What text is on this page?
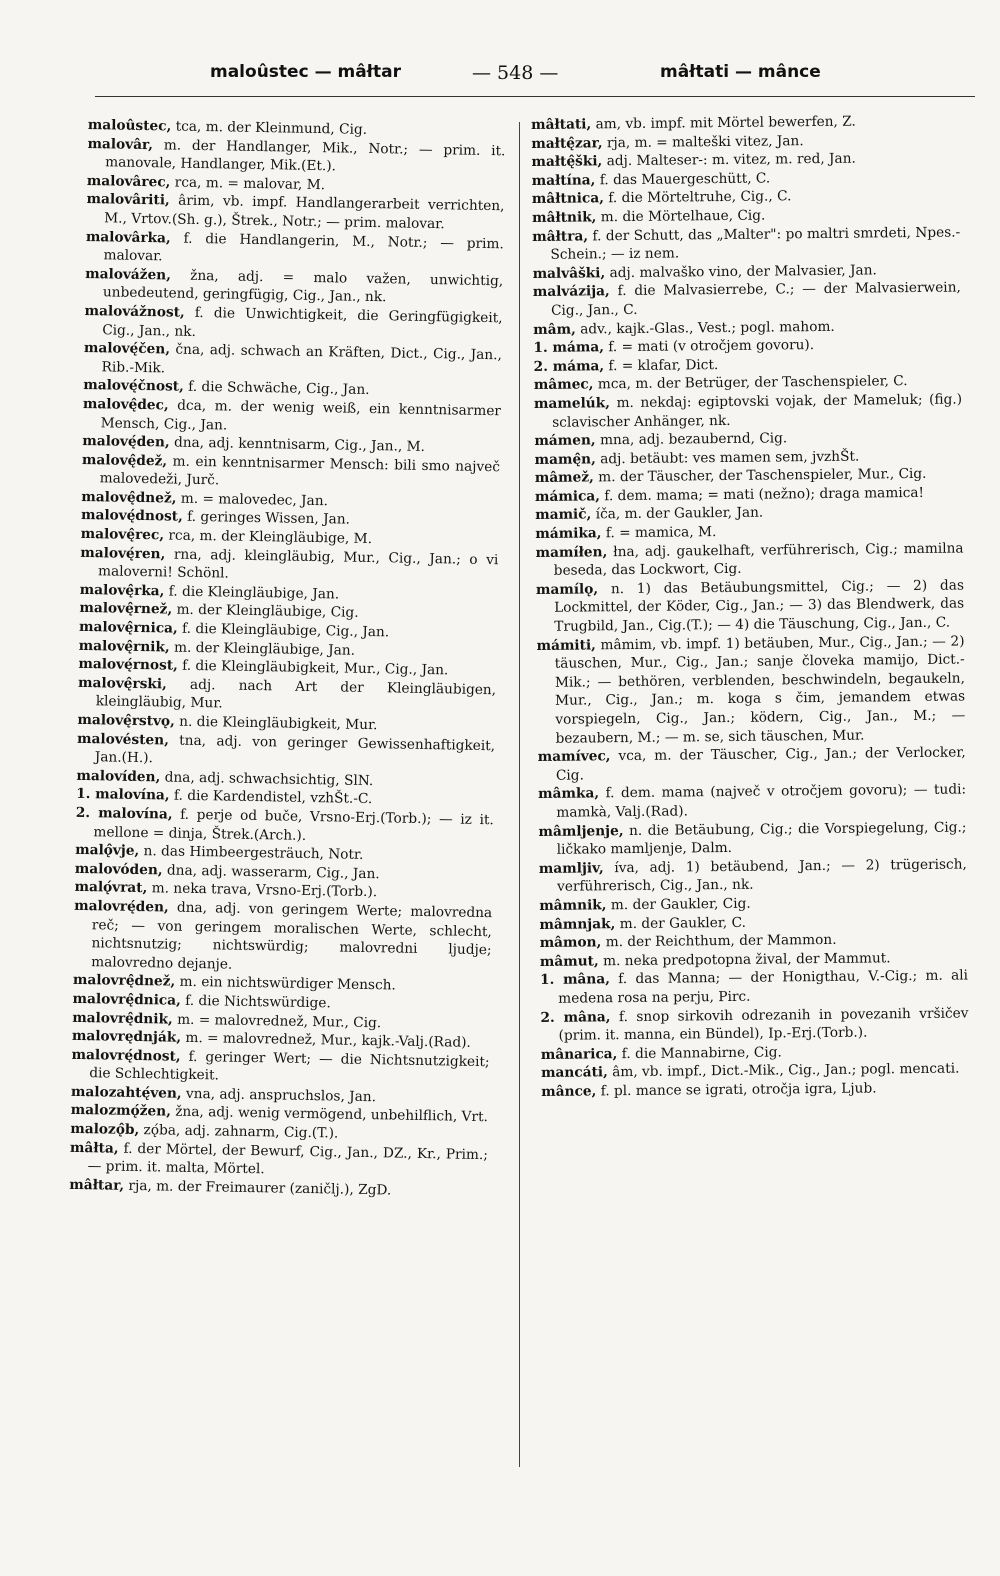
maloûstec — mâłtar	— 548 —	mâłtati — mânce

maloûstec, tca, m. der Kleinmund, Cig.

malovâr, m. der Handlanger, Mik., Notr.; — prim. it. manovale, Handlanger, Mik.(Et.).

malovârec, rca, m. = malovar, M.

malovâriti, ârim, vb. impf. Handlangerarbeit verrichten, M., Vrtov.(Sh. g.), Štrek., Notr.; — prim. malovar.

malovârka, f. die Handlangerin, M., Notr.; — prim. malovar.

malovážen, žna, adj. = malo važen, unwichtig, unbedeutend, geringfügig, Cig., Jan., nk.

malovážnost, f. die Unwichtigkeit, die Geringfügigkeit, Cig., Jan., nk.

malovę́čen, čna, adj. schwach an Kräften, Dict., Cig., Jan., Rib.-Mik.

malovę́čnost, f. die Schwäche, Cig., Jan.

malovę̂dec, dca, m. der wenig weiß, ein kenntnisarmer Mensch, Cig., Jan.

malovę́den, dna, adj. kenntnisarm, Cig., Jan., M.

malovę̂dež, m. ein kenntnisarmer Mensch: bili smo največ malovedeži, Jurč.

malovę̂dnež, m. = malovedec, Jan.

malovę́dnost, f. geringes Wissen, Jan.

malovę̂rec, rca, m. der Kleingläubige, M.

malovę́ren, rna, adj. kleingläubig, Mur., Cig., Jan.; o vi maloverni! Schönl.

malovę̂rka, f. die Kleingläubige, Jan.

malovę̂rnež, m. der Kleingläubige, Cig.

malovę̂rnica, f. die Kleingläubige, Cig., Jan.

malovę̂rnik, m. der Kleingläubige, Jan.

malovę́rnost, f. die Kleingläubigkeit, Mur., Cig., Jan.

malovę̂rski, adj. nach Art der Kleingläubigen, kleingläubig, Mur.

malovę̂rstvǫ, n. die Kleingläubigkeit, Mur.

malovésten, tna, adj. von geringer Gewissenhaftigkeit, Jan.(H.).

malovíden, dna, adj. schwachsichtig, SlN.

1. malovína, f. die Kardendistel, vzhŠt.-C.

2. malovína, f. perje od buče, Vrsno-Erj.(Torb.); — iz it. mellone = dinja, Štrek.(Arch.).

malǫ̂vje, n. das Himbeergesträuch, Notr.

malovóden, dna, adj. wasserarm, Cig., Jan.

malǫ́vrat, m. neka trava, Vrsno-Erj.(Torb.).

malovrę́den, dna, adj. von geringem Werte; malovredna reč; — von geringem moralischen Werte, schlecht, nichtsnutzig; nichtswürdig; malovredni ljudje; malovredno dejanje.

malovrę̂dnež, m. ein nichtswürdiger Mensch.

malovrę̂dnica, f. die Nichtswürdige.

malovrę̂dnik, m. = malovrednež, Mur., Cig.

malovrędnják, m. = malovrednež, Mur., kajk.-Valj.(Rad).

malovrę́dnost, f. geringer Wert; — die Nichtsnutzigkeit; die Schlechtigkeit.

malozahtę́ven, vna, adj. anspruchslos, Jan.

malozmǫ́žen, žna, adj. wenig vermögend, unbehilflich, Vrt.

malozǫ̂b, zǫ́ba, adj. zahnarm, Cig.(T.).

mâłta, f. der Mörtel, der Bewurf, Cig., Jan., DZ., Kr., Prim.; — prim. it. malta, Mörtel.

mâłtar, rja, m. der Freimaurer (zaničlj.), ZgD.

mâłtati, am, vb. impf. mit Mörtel bewerfen, Z.

małtę̂zar, rja, m. = malteški vitez, Jan.

małtę̂ški, adj. Malteser-: m. vitez, m. red, Jan.

małtína, f. das Mauergeschütt, C.

mâłtnica, f. die Mörteltruhe, Cig., C.

mâłtnik, m. die Mörtelhaue, Cig.

mâłtra, f. der Schutt, das „Malter": po maltri smrdeti, Npes.-Schein.; — iz nem.

malvâški, adj. malvaško vino, der Malvasier, Jan.

malvázija, f. die Malvasierrebe, C.; — der Malvasierwein, Cig., Jan., C.

mâm, adv., kajk.-Glas., Vest.; pogl. mahom.

1. máma, f. = mati (v otročjem govoru).

2. máma, f. = klafar, Dict.

mâmec, mca, m. der Betrüger, der Taschenspieler, C.

mamelúk, m. nekdaj: egiptovski vojak, der Mameluk; (fig.) sclavischer Anhänger, nk.

mámen, mna, adj. bezaubernd, Cig.

mamę̂n, adj. betäubt: ves mamen sem, jvzhŠt.

mâmež, m. der Täuscher, der Taschenspieler, Mur., Cig.

mámica, f. dem. mama; = mati (nežno); draga mamica!

mamič, íča, m. der Gaukler, Jan.

mámika, f. = mamica, M.

mamíłen, łna, adj. gaukelhaft, verführerisch, Cig.; mamilna beseda, das Lockwort, Cig.

mamílǫ, n. 1) das Betäubungsmittel, Cig.; — 2) das Lockmittel, der Köder, Cig., Jan.; — 3) das Blendwerk, das Trugbild, Jan., Cig.(T.); — 4) die Täuschung, Cig., Jan., C.

mámiti, mâmim, vb. impf. 1) betäuben, Mur., Cig., Jan.; — 2) täuschen, Mur., Cig., Jan.; sanje človeka mamijo, Dict.-Mik.; — bethören, verblenden, beschwindeln, begaukeln, Mur., Cig., Jan.; m. koga s čim, jemandem etwas vorspiegeln, Cig., Jan.; ködern, Cig., Jan., M.; — bezaubern, M.; — m. se, sich täuschen, Mur.

mamívec, vca, m. der Täuscher, Cig., Jan.; der Verlocker, Cig.

mâmka, f. dem. mama (največ v otročjem govoru); — tudi: mamkà, Valj.(Rad).

mâmljenje, n. die Betäubung, Cig.; die Vorspiegelung, Cig.; ličkako mamljenje, Dalm.

mamljiv, íva, adj. 1) betäubend, Jan.; — 2) trügerisch, verführerisch, Cig., Jan., nk.

mâmnik, m. der Gaukler, Cig.

mâmnjak, m. der Gaukler, C.

mâmon, m. der Reichthum, der Mammon.

mâmut, m. neka predpotopna žival, der Mammut.

1. mâna, f. das Manna; — der Honigthau, V.-Cig.; m. ali medena rosa na perju, Pirc.

2. mâna, f. snop sirkovih odrezanih in povezanih vršičev (prim. it. manna, ein Bündel), Ip.-Erj.(Torb.).

mânarica, f. die Mannabirne, Cig.

mancáti, âm, vb. impf., Dict.-Mik., Cig., Jan.; pogl. mencati.

mânce, f. pl. mance se igrati, otročja igra, Ljub.
